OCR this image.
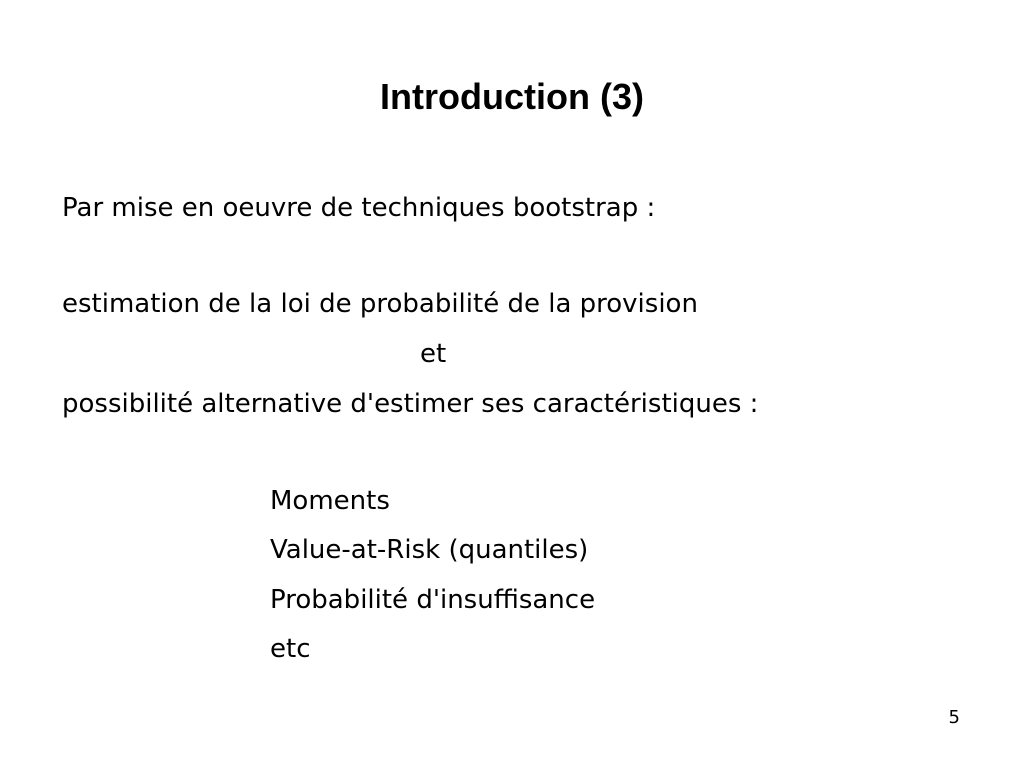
Introduction (3)
Par mise en oeuvre de techniques bootstrap :
estimation de la loi de probabilité de la provision
et
possibilité alternative d'estimer ses caractéristiques :
Moments
Value-at-Risk (quantiles)
Probabilité d'insuffisance
etc
5
